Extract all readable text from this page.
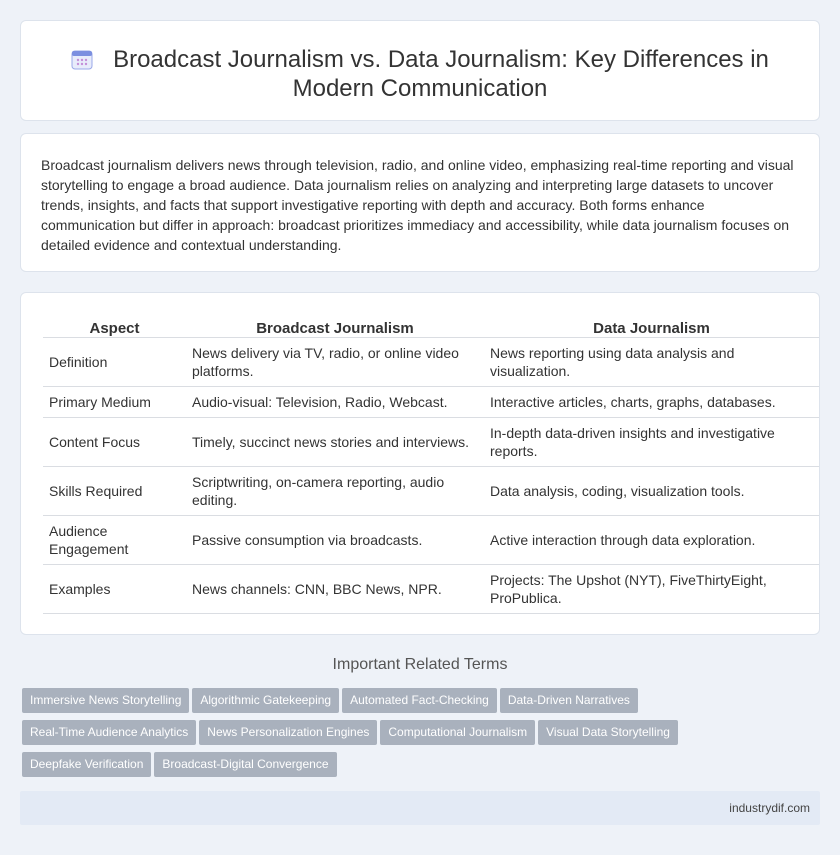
Broadcast Journalism vs. Data Journalism: Key Differences in Modern Communication

Broadcast journalism delivers news through television, radio, and online video, emphasizing real-time reporting and visual storytelling to engage a broad audience. Data journalism relies on analyzing and interpreting large datasets to uncover trends, insights, and facts that support investigative reporting with depth and accuracy. Both forms enhance communication but differ in approach: broadcast prioritizes immediacy and accessibility, while data journalism focuses on detailed evidence and contextual understanding.

Aspect	Broadcast Journalism	Data Journalism
Definition	News delivery via TV, radio, or online video platforms.	News reporting using data analysis and visualization.
Primary Medium	Audio-visual: Television, Radio, Webcast.	Interactive articles, charts, graphs, databases.
Content Focus	Timely, succinct news stories and interviews.	In-depth data-driven insights and investigative reports.
Skills Required	Scriptwriting, on-camera reporting, audio editing.	Data analysis, coding, visualization tools.
Audience Engagement	Passive consumption via broadcasts.	Active interaction through data exploration.
Examples	News channels: CNN, BBC News, NPR.	Projects: The Upshot (NYT), FiveThirtyEight, ProPublica.
Important Related Terms
Immersive News Storytelling Algorithmic Gatekeeping Automated Fact-Checking Data-Driven Narratives
Real-Time Audience Analytics News Personalization Engines Computational Journalism Visual Data Storytelling
Deepfake Verification Broadcast-Digital Convergence
industrydif.com
